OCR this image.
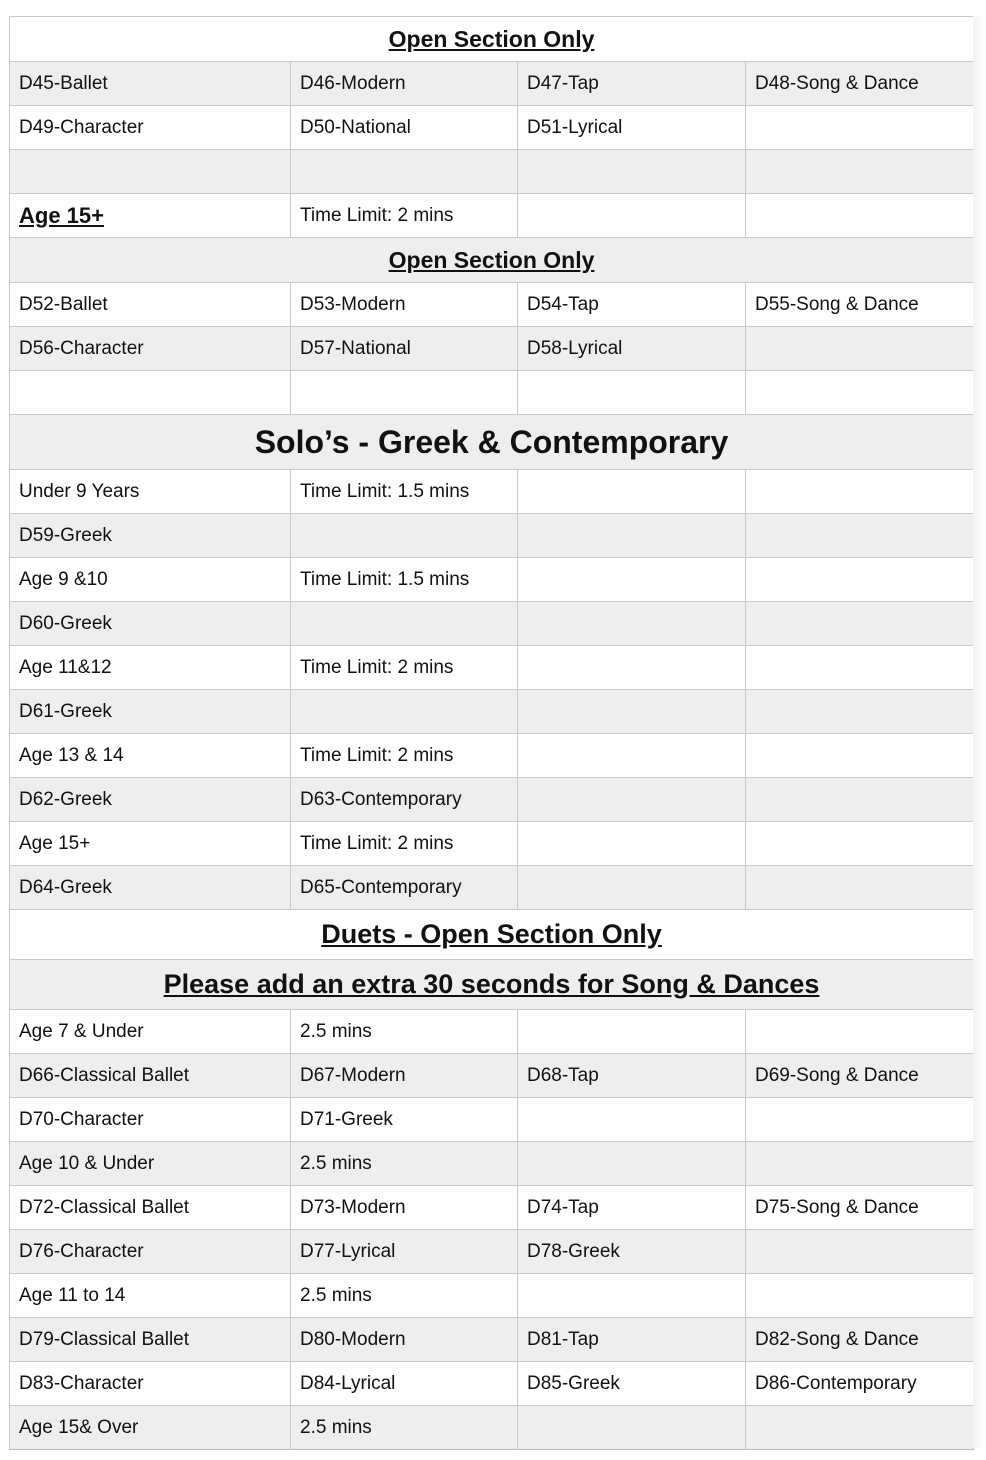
Open Section Only			
D45-Ballet	D46-Modern	D47-Tap	D48-Song & Dance
D49-Character	D50-National	D51-Lyrical	

Age 15+	Time Limit: 2 mins		
Open Section Only			
D52-Ballet	D53-Modern	D54-Tap	D55-Song & Dance
D56-Character	D57-National	D58-Lyrical	

Solo’s - Greek & Contemporary			
Under 9 Years	Time Limit: 1.5 mins		
D59-Greek			
Age 9 &10	Time Limit: 1.5 mins		
D60-Greek			
Age 11&12	Time Limit: 2 mins		
D61-Greek			
Age 13 & 14	Time Limit: 2 mins		
D62-Greek	D63-Contemporary		
Age 15+	Time Limit: 2 mins		
D64-Greek	D65-Contemporary		
Duets - Open Section Only			
Please add an extra 30 seconds for Song & Dances			
Age 7 & Under	2.5 mins		
D66-Classical Ballet	D67-Modern	D68-Tap	D69-Song & Dance
D70-Character	D71-Greek		
Age 10 & Under	2.5 mins		
D72-Classical Ballet	D73-Modern	D74-Tap	D75-Song & Dance
D76-Character	D77-Lyrical	D78-Greek	
Age 11 to 14	2.5 mins		
D79-Classical Ballet	D80-Modern	D81-Tap	D82-Song & Dance
D83-Character	D84-Lyrical	D85-Greek	D86-Contemporary
Age 15& Over	2.5 mins		
